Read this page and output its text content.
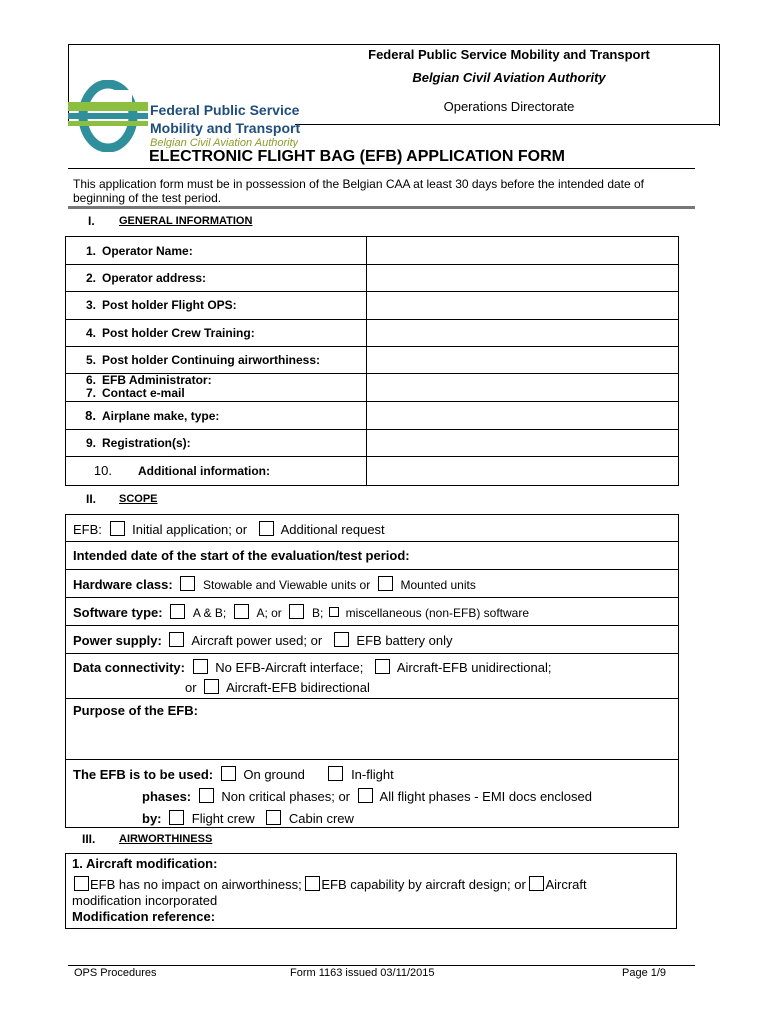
Federal Public Service Mobility and Transport
Belgian Civil Aviation Authority
Operations Directorate
Federal Public Service
Mobility and Transport
Belgian Civil Aviation Authority
ELECTRONIC FLIGHT BAG (EFB) APPLICATION FORM
This application form must be in possession of the Belgian CAA at least 30 days before the intended date of beginning of the test period.
I. GENERAL INFORMATION
1. Operator Name:
2. Operator address:
3. Post holder Flight OPS:
4. Post holder Crew Training:
5. Post holder Continuing airworthiness:
6. EFB Administrator:
7. Contact e-mail
8. Airplane make, type:
9. Registration(s):
10. Additional information:
II. SCOPE
EFB: Initial application; or	Additional request
Intended date of the start of the evaluation/test period:
Hardware class:	Stowable and Viewable units or	Mounted units
Software type:	A & B;	A; or	B; miscellaneous (non-EFB) software
Power supply: Aircraft power used; or	EFB battery only
Data connectivity: No EFB-Aircraft interface;	Aircraft-EFB unidirectional;
or Aircraft-EFB bidirectional
Purpose of the EFB:
The EFB is to be used: On ground	In-flight
phases: Non critical phases; or All flight phases - EMI docs enclosed
by: Flight crew	Cabin crew
III. AIRWORTHINESS
1. Aircraft modification:
EFB has no impact on airworthiness; EFB capability by aircraft design; or Aircraft
modification incorporated
Modification reference:
OPS Procedures	Form 1163 issued 03/11/2015	Page 1/9
